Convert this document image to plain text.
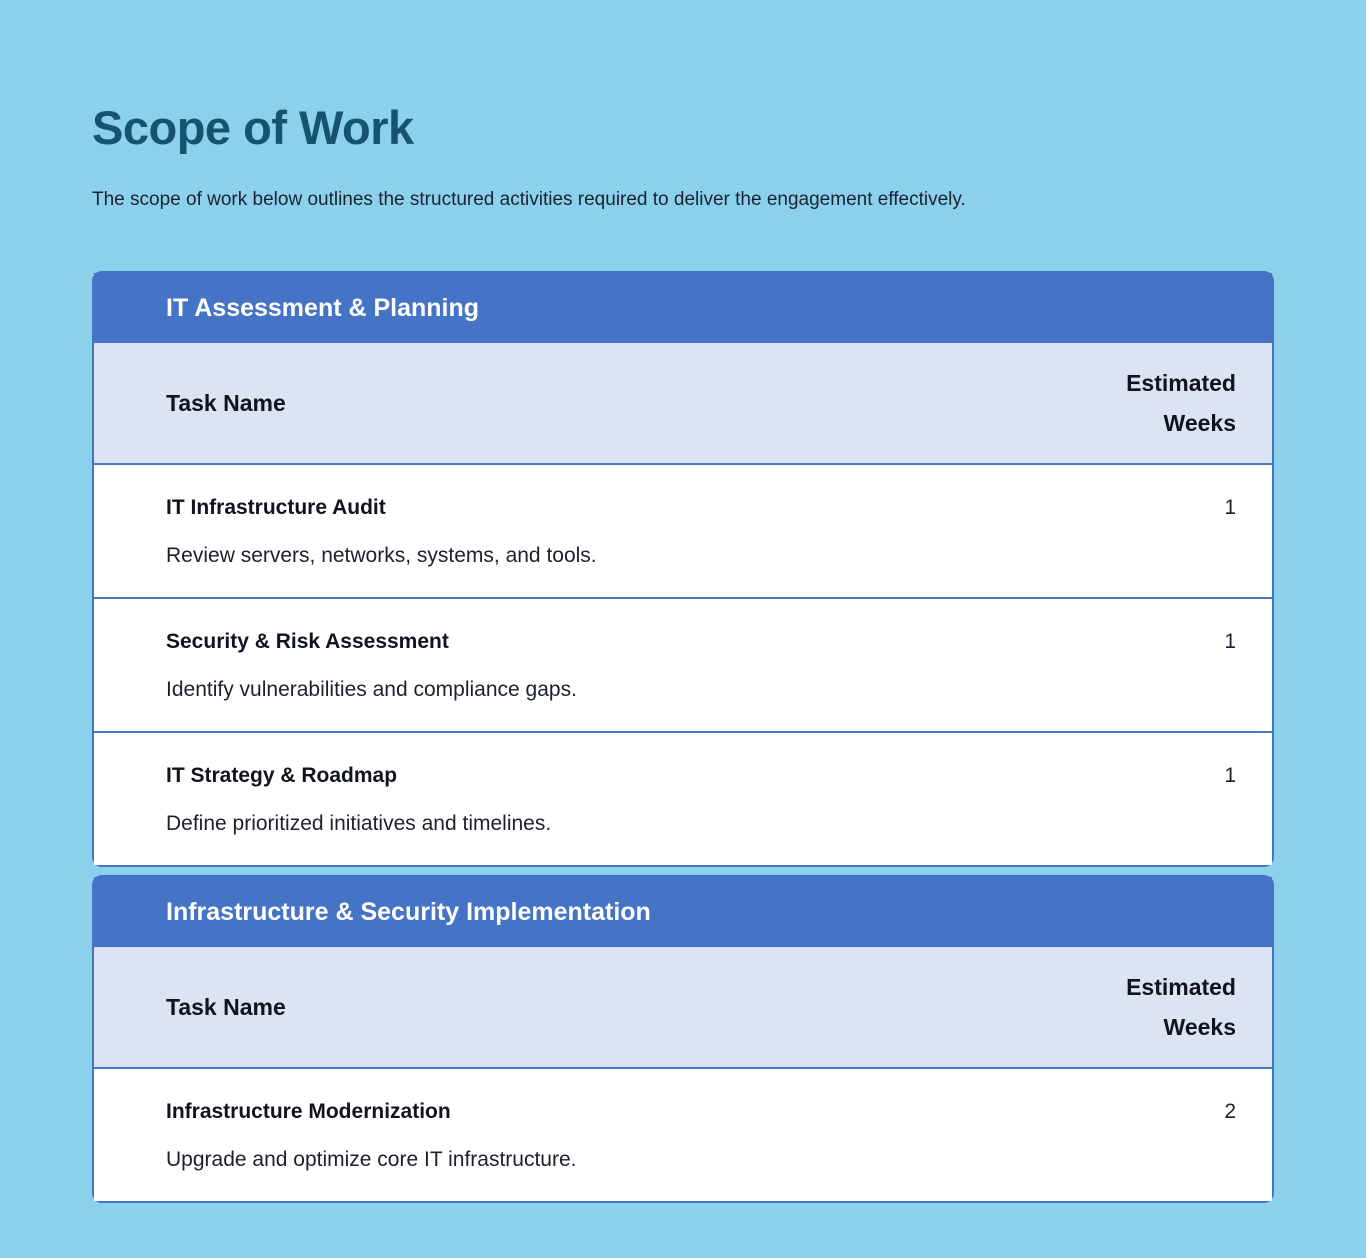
Scope of Work

The scope of work below outlines the structured activities required to deliver the engagement effectively.

IT Assessment & Planning
Task Name
Estimated Weeks
IT Infrastructure Audit
Review servers, networks, systems, and tools.
1
Security & Risk Assessment
Identify vulnerabilities and compliance gaps.
1
IT Strategy & Roadmap
Define prioritized initiatives and timelines.
1
Infrastructure & Security Implementation
Task Name
Estimated Weeks
Infrastructure Modernization
Upgrade and optimize core IT infrastructure.
2
